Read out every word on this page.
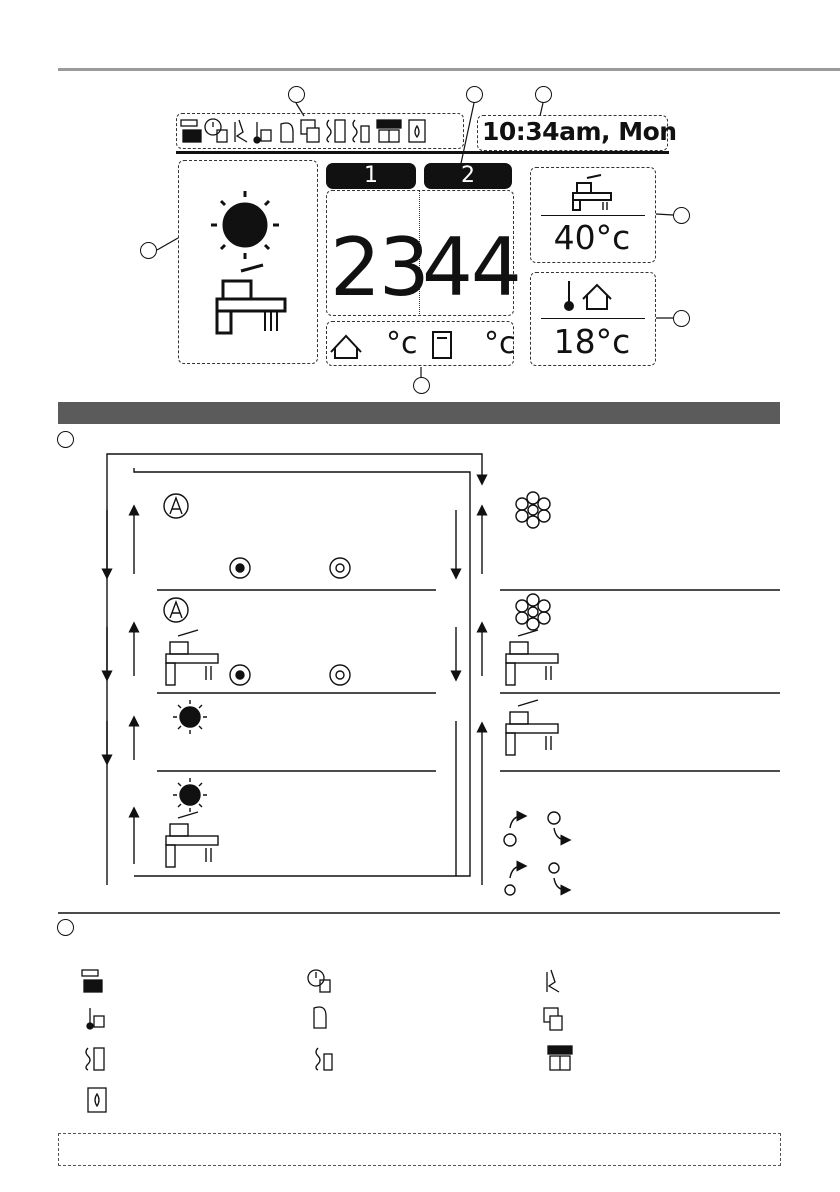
10:34am, Mon
1	2
23
44
°c °c
40°c
18°c
